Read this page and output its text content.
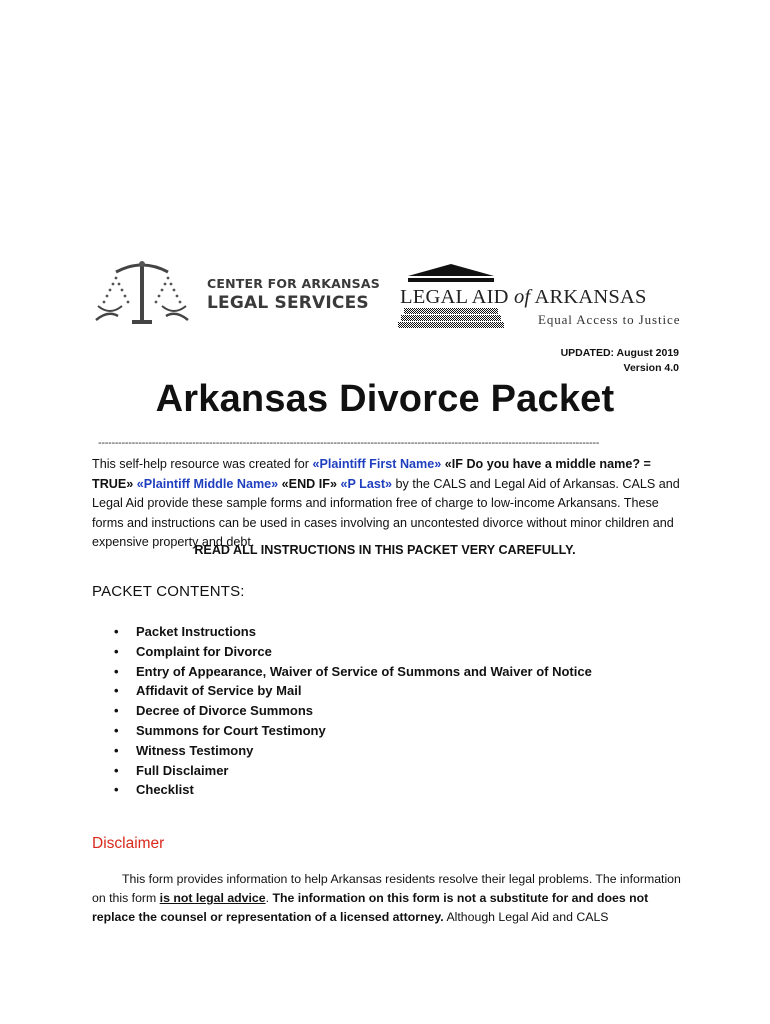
CENTER FOR ARKANSAS
LEGAL SERVICES	LEGAL AID of ARKANSAS
Equal Access to Justice
UPDATED: August 2019
Version 4.0
Arkansas Divorce Packet
-----------------------------------------------------------------------------------------------------------------------------------------------------
This self-help resource was created for «Plaintiff First Name» «IF Do you have a middle name? = TRUE» «Plaintiff Middle Name» «END IF» «P Last» by the CALS and Legal Aid of Arkansas. CALS and Legal Aid provide these sample forms and information free of charge to low-income Arkansans. These forms and instructions can be used in cases involving an uncontested divorce without minor children and expensive property and debt.
READ ALL INSTRUCTIONS IN THIS PACKET VERY CAREFULLY.
PACKET CONTENTS:
• Packet Instructions
• Complaint for Divorce
• Entry of Appearance, Waiver of Service of Summons and Waiver of Notice
• Affidavit of Service by Mail
• Decree of Divorce Summons
• Summons for Court Testimony
• Witness Testimony
• Full Disclaimer
• Checklist
Disclaimer
This form provides information to help Arkansas residents resolve their legal problems. The information on this form is not legal advice. The information on this form is not a substitute for and does not replace the counsel or representation of a licensed attorney. Although Legal Aid and CALS
